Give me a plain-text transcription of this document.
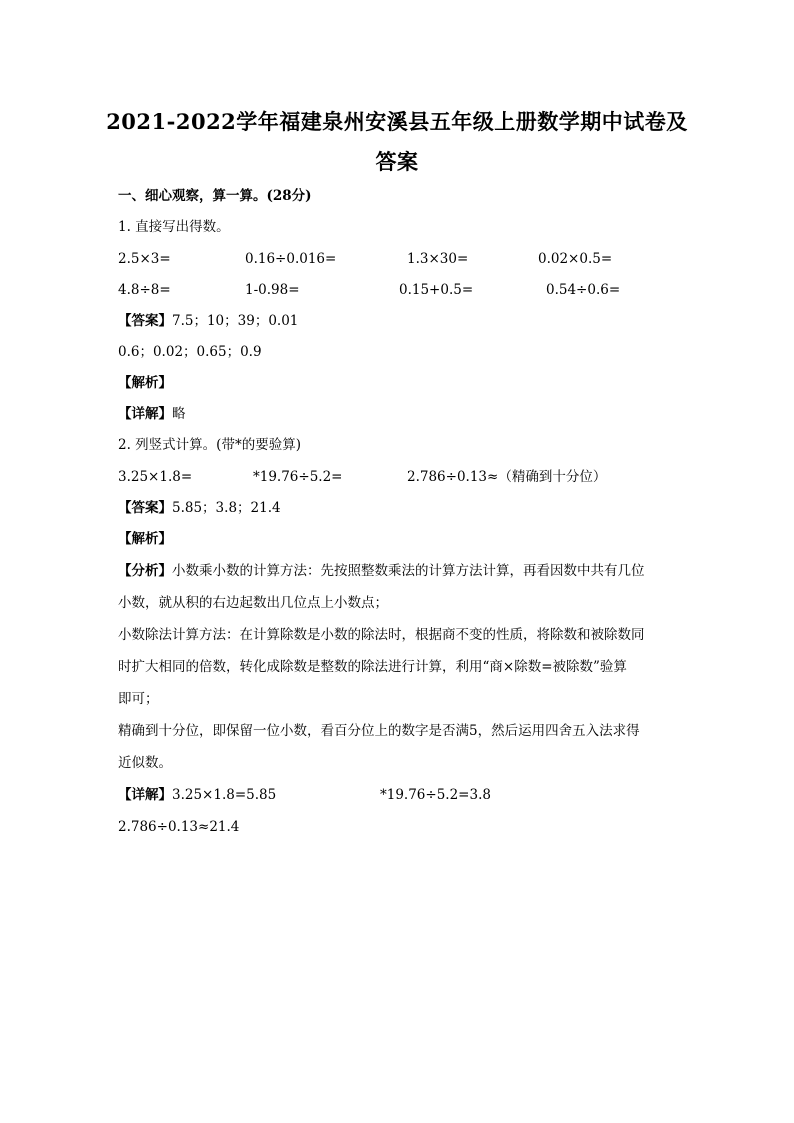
2021-2022学年福建泉州安溪县五年级上册数学期中试卷及
答案
一、细心观察，算一算。(28分)
1. 直接写出得数。
2.5×3=	0.16÷0.016=	1.3×30=	0.02×0.5=
4.8÷8=	1-0.98=	0.15+0.5=	0.54÷0.6=
【答案】7.5；10；39；0.01
0.6；0.02；0.65；0.9
【解析】
【详解】略
2. 列竖式计算。(带*的要验算)
3.25×1.8=	*19.76÷5.2=	2.786÷0.13≈（精确到十分位）
【答案】5.85；3.8；21.4
【解析】
【分析】小数乘小数的计算方法：先按照整数乘法的计算方法计算，再看因数中共有几位
小数，就从积的右边起数出几位点上小数点；
小数除法计算方法：在计算除数是小数的除法时，根据商不变的性质，将除数和被除数同
时扩大相同的倍数，转化成除数是整数的除法进行计算，利用“商×除数=被除数”验算
即可；
精确到十分位，即保留一位小数，看百分位上的数字是否满5，然后运用四舍五入法求得
近似数。
【详解】3.25×1.8=5.85	*19.76÷5.2=3.8
2.786÷0.13≈21.4
